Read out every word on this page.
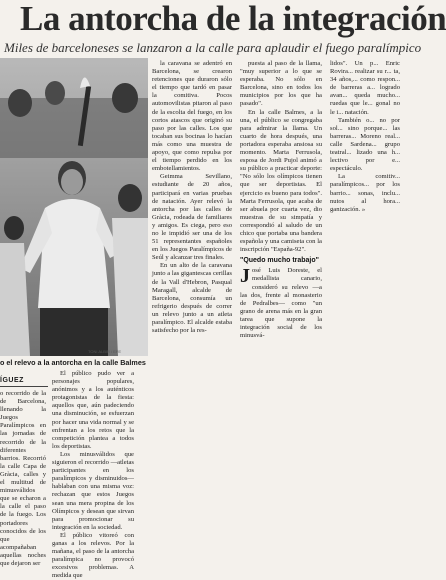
La antorcha de la integración
Miles de barceloneses se lanzaron a la calle para aplaudir el fuego paralímpico
TONI ALBIR / EFE
o el relevo a la antorcha en la calle Balmes

la caravana se adentró en Barcelona, se crearon retenciones que duraron sólo el tiempo que tardó en pasar la comitiva. Pocos automovilistas pitaron al paso de la escolta del fuego, en los cortos atascos que originó su paso por las calles. Los que tocaban sus bocinas lo hacían más como una muestra de apoyo, que como repulsa por el tiempo perdido en los embotellamientos.

Geimma Sevillano, estudiante de 20 años, participará en varias pruebas de natación. Ayer relevó la antorcha por las calles de Gràcia, rodeada de familiares y amigos. Es ciega, pero eso no le impidió ser una de los 51 representantes españoles en los Juegos Paralímpicos de Seúl y alcanzar tres finales.

En un alto de la caravana junto a las gigantescas cerillas de la Vall d'Hebron, Pasqual Maragall, alcalde de Barcelona, consumía un refrigerio después de correr un relevo junto a un atleta paralímpico. El alcalde estaba satisfecho por la res-

puesta al paso de la llama, "muy superior a lo que se esperaba. No sólo en Barcelona, sino en todos los municipios por los que ha pasado".

En la calle Balmes, a la una, el público se congregaba para admirar la llama. Un cuarto de hora después, una portadora esperaba ansiosa su momento. Marta Ferrusola, esposa de Jordi Pujol animó a su público a practicar deporte: "No sólo los olímpicos tienen que ser deportistas. El ejercicio es bueno para todos". Marta Ferrusola, que acaba de ser abuela por cuarta vez, dio muestras de su simpatía y correspondió al saludo de un chico que portaba una bandera española y una camiseta con la inscripción "España-92".

"Quedo mucho trabajo"

José Luis Doreste, el medallista canario, consideró su relevo —a las dos, frente al monasterio de Pedralbes— como "un grano de arena más en la gran tarea que supone la integración social de los minusvá-

lidos". Un p... Enric Rovira... realizar su r... ta, 34 años,... como respon... de barreras a... logrado avan... queda mucho... ruedas que le... gonal no le i... natación.

También o... no por sol... sino porque... las barreras... Moreno real... calle Sardena... grupo teatral... lizado una h... lectivo por e... espectáculo.

La comitiv... paralímpicos... por los barrio... sonas, inclu... nutos al hora... ganización. »

ÍGUEZ

o recorrido de la de Barcelona, llenando la Juegos Paralímpicos en las jornadas de recorrido de la diferentes barrios. Recorrió la calle Capa de Gràcia, calles y el multitud de minusválidos que se echaron a la calle el paso de la fuego. Los portadores conocidos de los que acompañaban aquellas noches que dejaron ser

El público pudo ver a personajes populares, anónimos y a los auténticos protagonistas de la fiesta: aquellos que, aún padeciendo una disminución, se esfuerzan por hacer una vida normal y se enfrentan a los retos que la competición plantea a todos los deportistas.

Los minusválidos que siguieron el recorrido —atletas participantes en los paralímpicos y disminuidos— hablaban con una misma voz: rechazan que estos Juegos sean una mera propina de los Olímpicos y desean que sirvan para promocionar su integración en la sociedad.

El público vitoreó con ganas a los relevos. Por la mañana, el paso de la antorcha paralímpica no provocó excesivos problemas. A medida que
